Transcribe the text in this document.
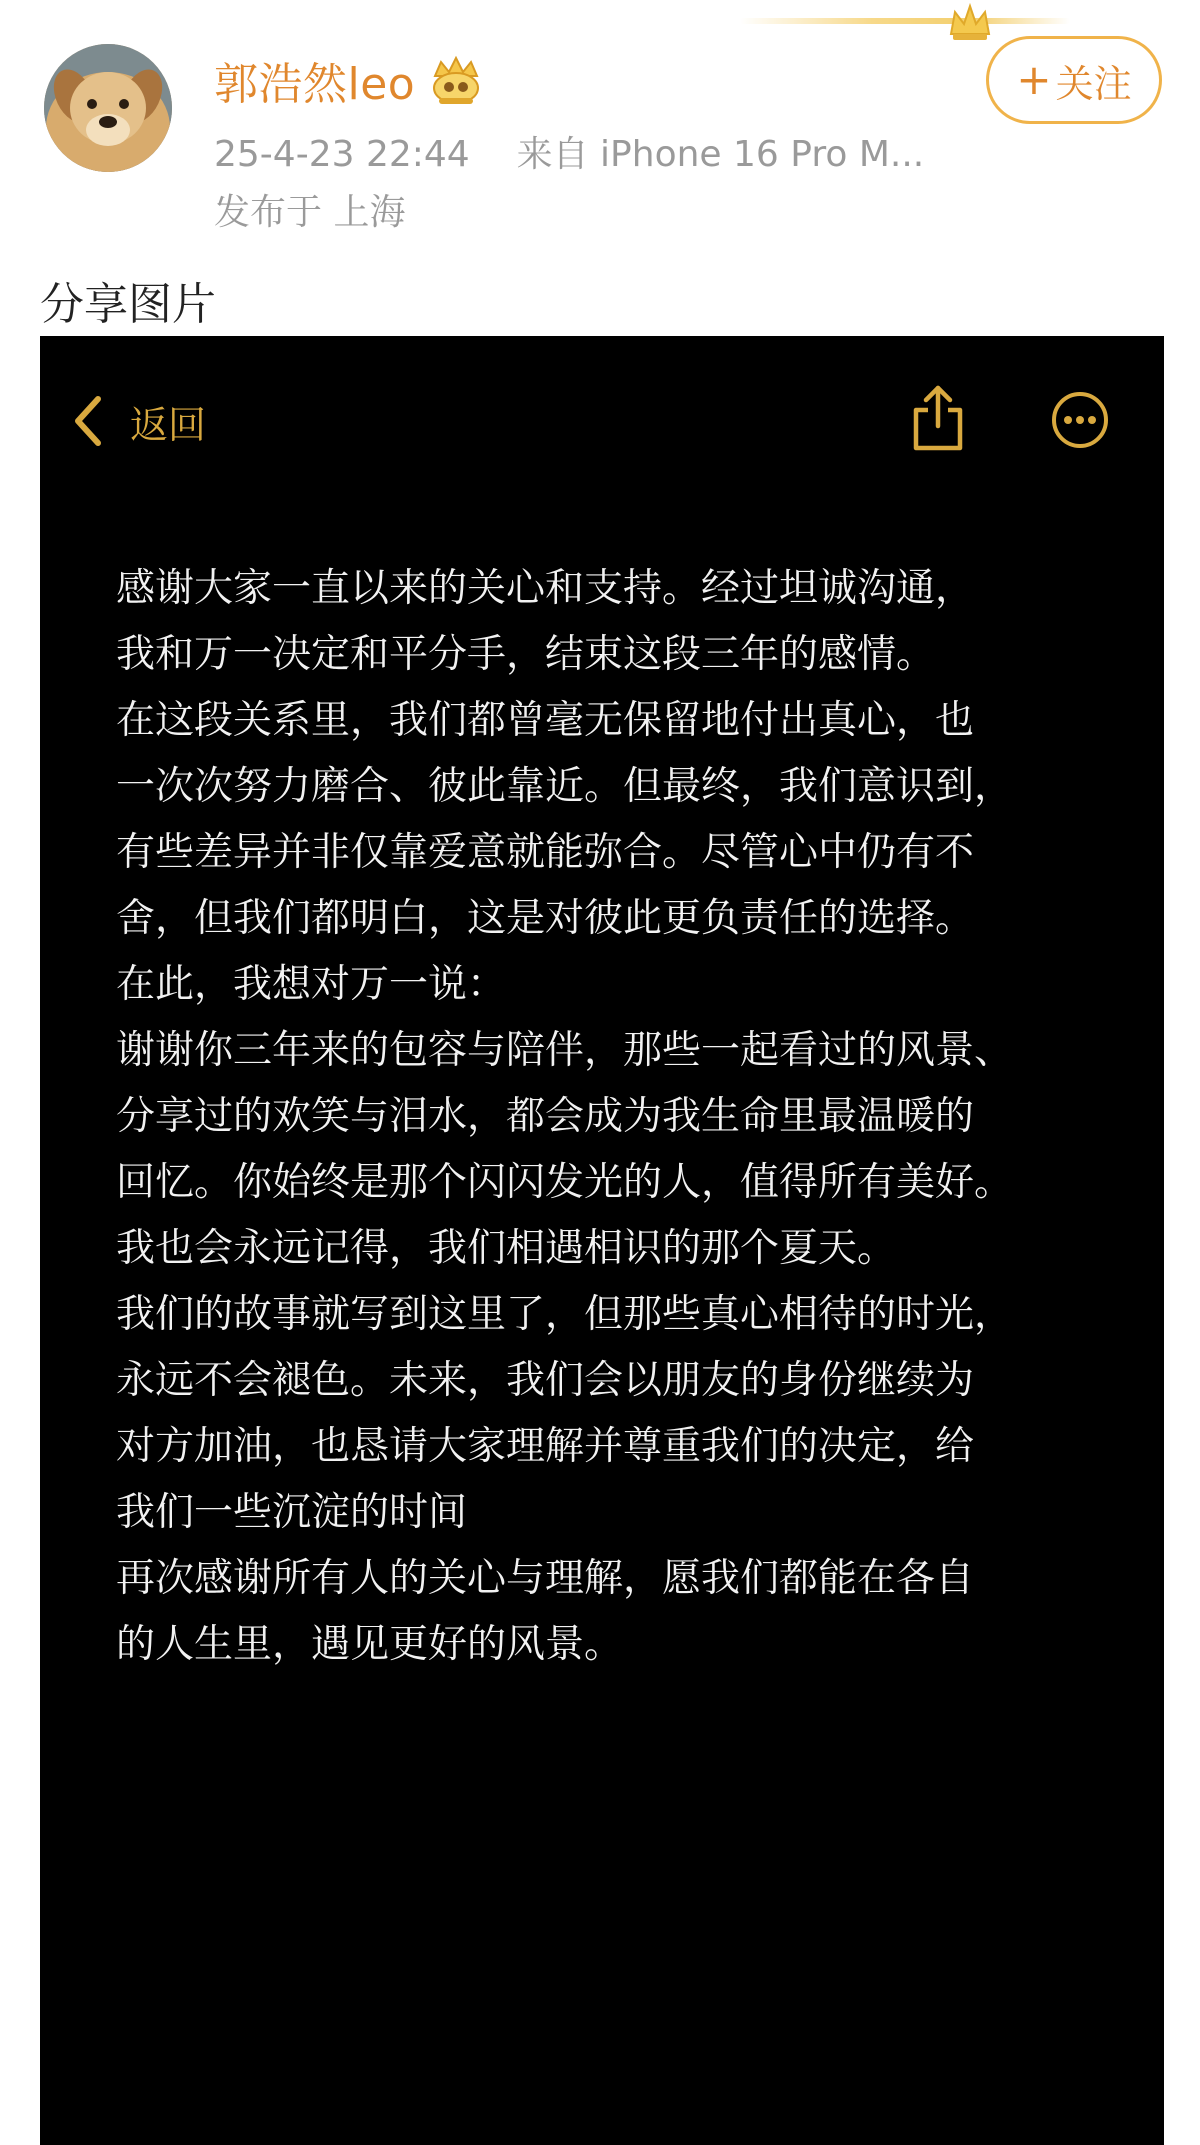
郭浩然leo
25-4-23 22:44 来自 iPhone 16 Pro M...
发布于 上海
+ 关注
分享图片
返回
感谢大家一直以来的关心和支持。经过坦诚沟通，
我和万一决定和平分手，结束这段三年的感情。
在这段关系里，我们都曾毫无保留地付出真心，也
一次次努力磨合、彼此靠近。但最终，我们意识到，
有些差异并非仅靠爱意就能弥合。尽管心中仍有不
舍，但我们都明白，这是对彼此更负责任的选择。
在此，我想对万一说：
谢谢你三年来的包容与陪伴，那些一起看过的风景、
分享过的欢笑与泪水，都会成为我生命里最温暖的
回忆。你始终是那个闪闪发光的人，值得所有美好。
我也会永远记得，我们相遇相识的那个夏天。
我们的故事就写到这里了，但那些真心相待的时光，
永远不会褪色。未来，我们会以朋友的身份继续为
对方加油，也恳请大家理解并尊重我们的决定，给
我们一些沉淀的时间
再次感谢所有人的关心与理解，愿我们都能在各自
的人生里，遇见更好的风景。
